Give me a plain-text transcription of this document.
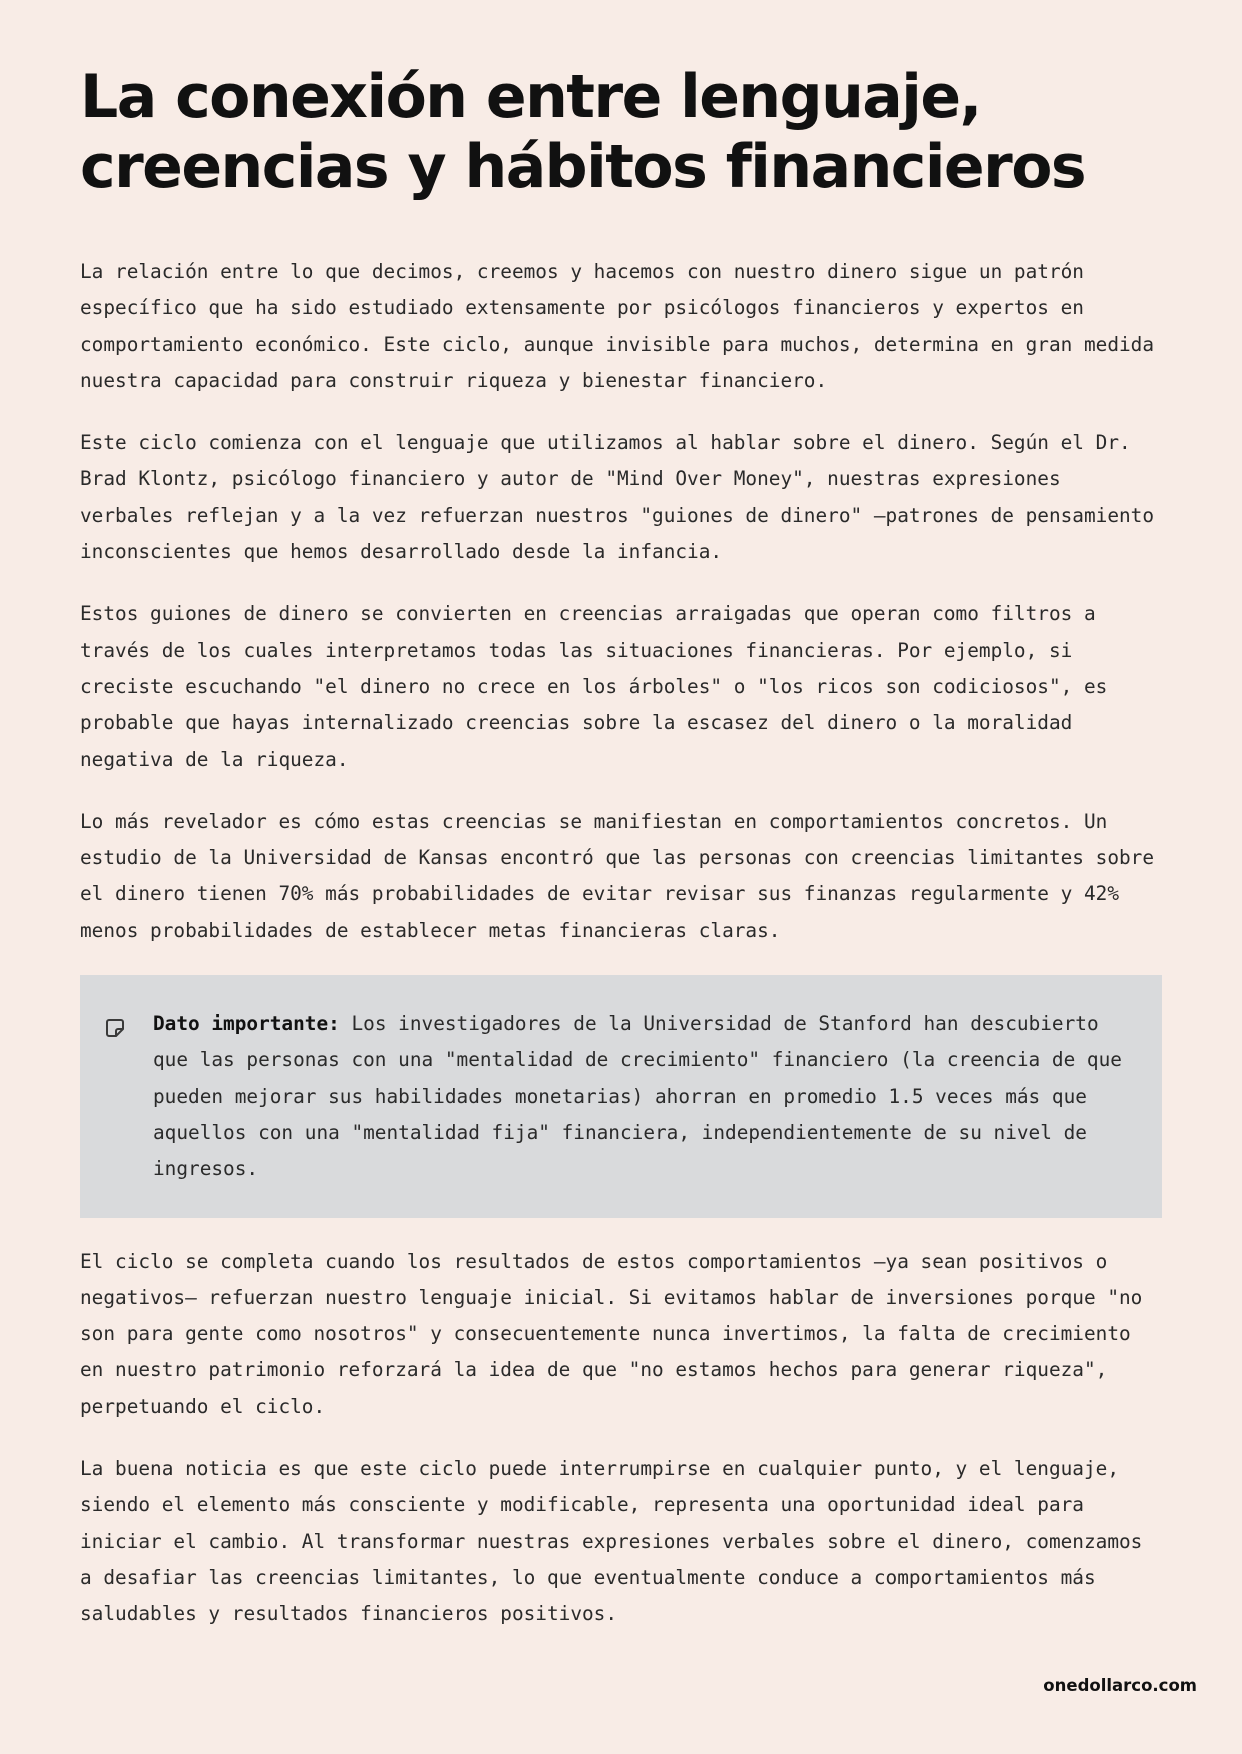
La conexión entre lenguaje, creencias y hábitos financieros

La relación entre lo que decimos, creemos y hacemos con nuestro dinero sigue un patrón específico que ha sido estudiado extensamente por psicólogos financieros y expertos en comportamiento económico. Este ciclo, aunque invisible para muchos, determina en gran medida nuestra capacidad para construir riqueza y bienestar financiero.

Este ciclo comienza con el lenguaje que utilizamos al hablar sobre el dinero. Según el Dr. Brad Klontz, psicólogo financiero y autor de "Mind Over Money", nuestras expresiones verbales reflejan y a la vez refuerzan nuestros "guiones de dinero" —patrones de pensamiento inconscientes que hemos desarrollado desde la infancia.

Estos guiones de dinero se convierten en creencias arraigadas que operan como filtros a través de los cuales interpretamos todas las situaciones financieras. Por ejemplo, si creciste escuchando "el dinero no crece en los árboles" o "los ricos son codiciosos", es probable que hayas internalizado creencias sobre la escasez del dinero o la moralidad negativa de la riqueza.

Lo más revelador es cómo estas creencias se manifiestan en comportamientos concretos. Un estudio de la Universidad de Kansas encontró que las personas con creencias limitantes sobre el dinero tienen 70% más probabilidades de evitar revisar sus finanzas regularmente y 42% menos probabilidades de establecer metas financieras claras.

Dato importante: Los investigadores de la Universidad de Stanford han descubierto que las personas con una "mentalidad de crecimiento" financiero (la creencia de que pueden mejorar sus habilidades monetarias) ahorran en promedio 1.5 veces más que aquellos con una "mentalidad fija" financiera, independientemente de su nivel de ingresos.

El ciclo se completa cuando los resultados de estos comportamientos —ya sean positivos o negativos— refuerzan nuestro lenguaje inicial. Si evitamos hablar de inversiones porque "no son para gente como nosotros" y consecuentemente nunca invertimos, la falta de crecimiento en nuestro patrimonio reforzará la idea de que "no estamos hechos para generar riqueza", perpetuando el ciclo.

La buena noticia es que este ciclo puede interrumpirse en cualquier punto, y el lenguaje, siendo el elemento más consciente y modificable, representa una oportunidad ideal para iniciar el cambio. Al transformar nuestras expresiones verbales sobre el dinero, comenzamos a desafiar las creencias limitantes, lo que eventualmente conduce a comportamientos más saludables y resultados financieros positivos.

onedollarco.com
